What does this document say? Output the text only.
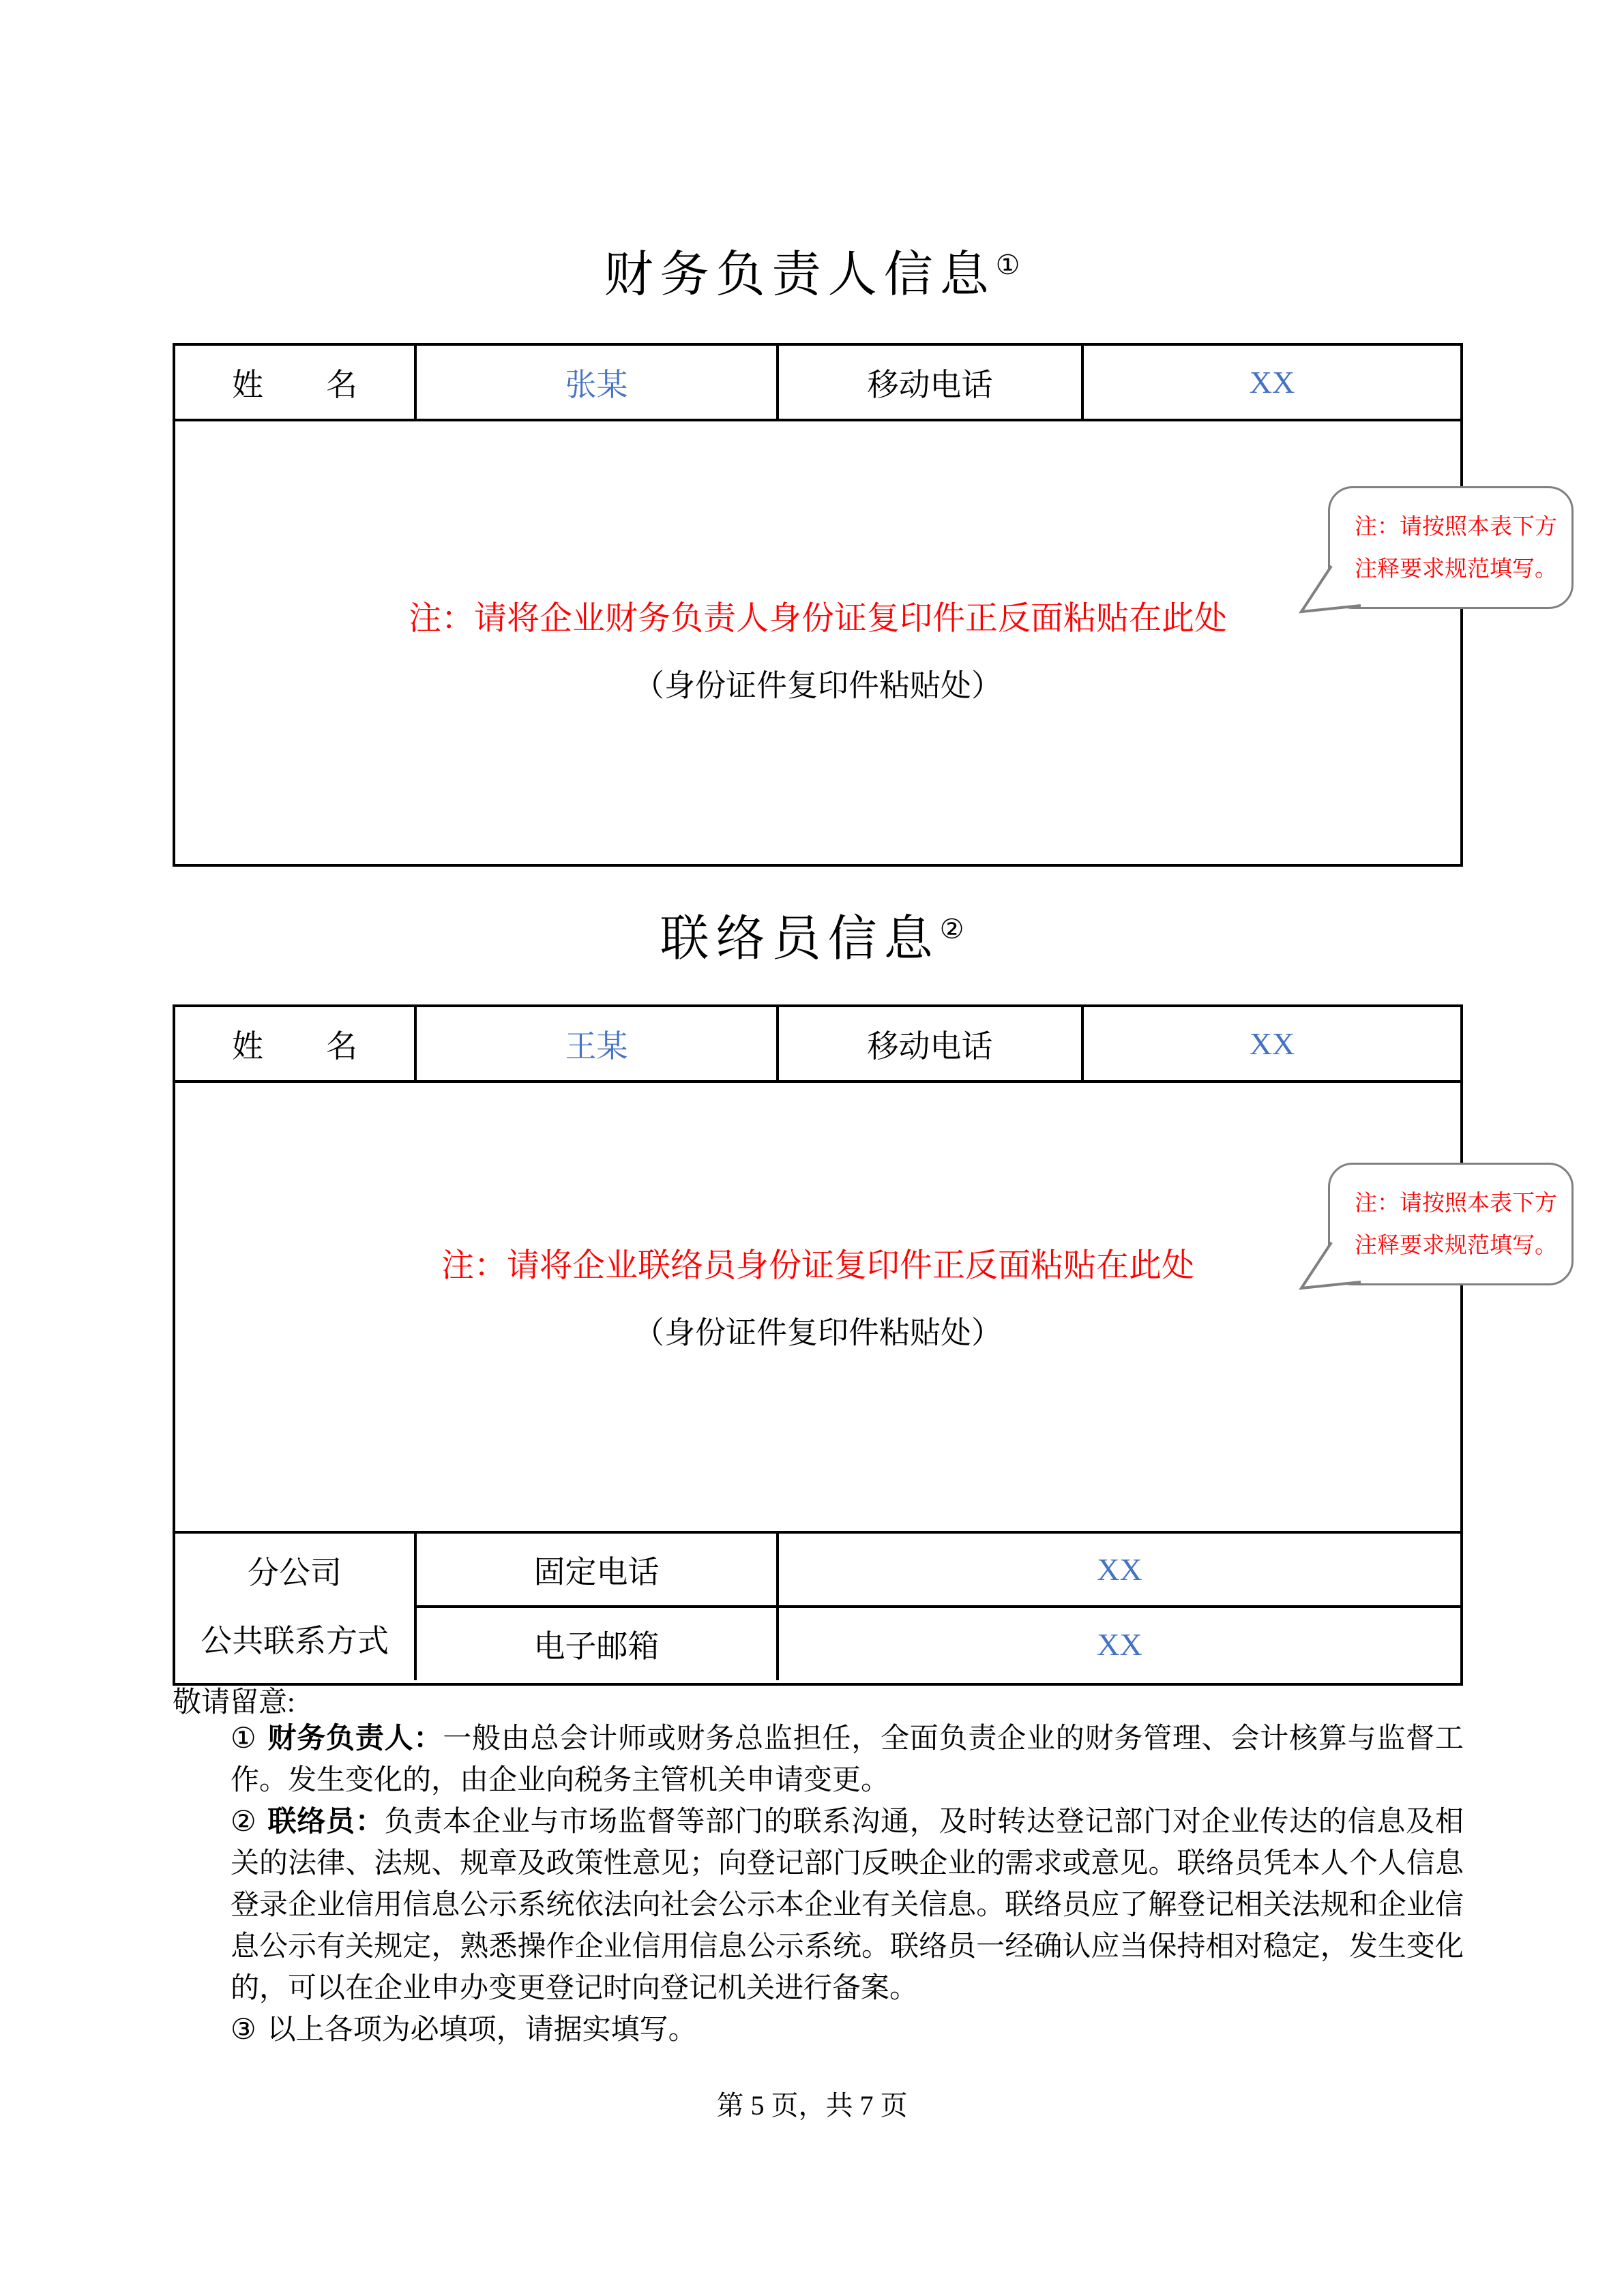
财务负责人信息①
姓　　名	张某	移动电话	XX
注：请将企业财务负责人身份证复印件正反面粘贴在此处
（身份证件复印件粘贴处）
注：请按照本表下方
注释要求规范填写。
联络员信息②
姓　　名	王某	移动电话	XX
注：请将企业联络员身份证复印件正反面粘贴在此处
（身份证件复印件粘贴处）
分公司
公共联系方式
固定电话	XX
电子邮箱	XX
注：请按照本表下方
注释要求规范填写。
敬请留意:

① 财务负责人：一般由总会计师或财务总监担任，全面负责企业的财务管理、会计核算与监督工作。发生变化的，由企业向税务主管机关申请变更。

② 联络员：负责本企业与市场监督等部门的联系沟通，及时转达登记部门对企业传达的信息及相关的法律、法规、规章及政策性意见；向登记部门反映企业的需求或意见。联络员凭本人个人信息登录企业信用信息公示系统依法向社会公示本企业有关信息。联络员应了解登记相关法规和企业信息公示有关规定，熟悉操作企业信用信息公示系统。联络员一经确认应当保持相对稳定，发生变化的，可以在企业申办变更登记时向登记机关进行备案。

③ 以上各项为必填项，请据实填写。

第 5 页，共 7 页
